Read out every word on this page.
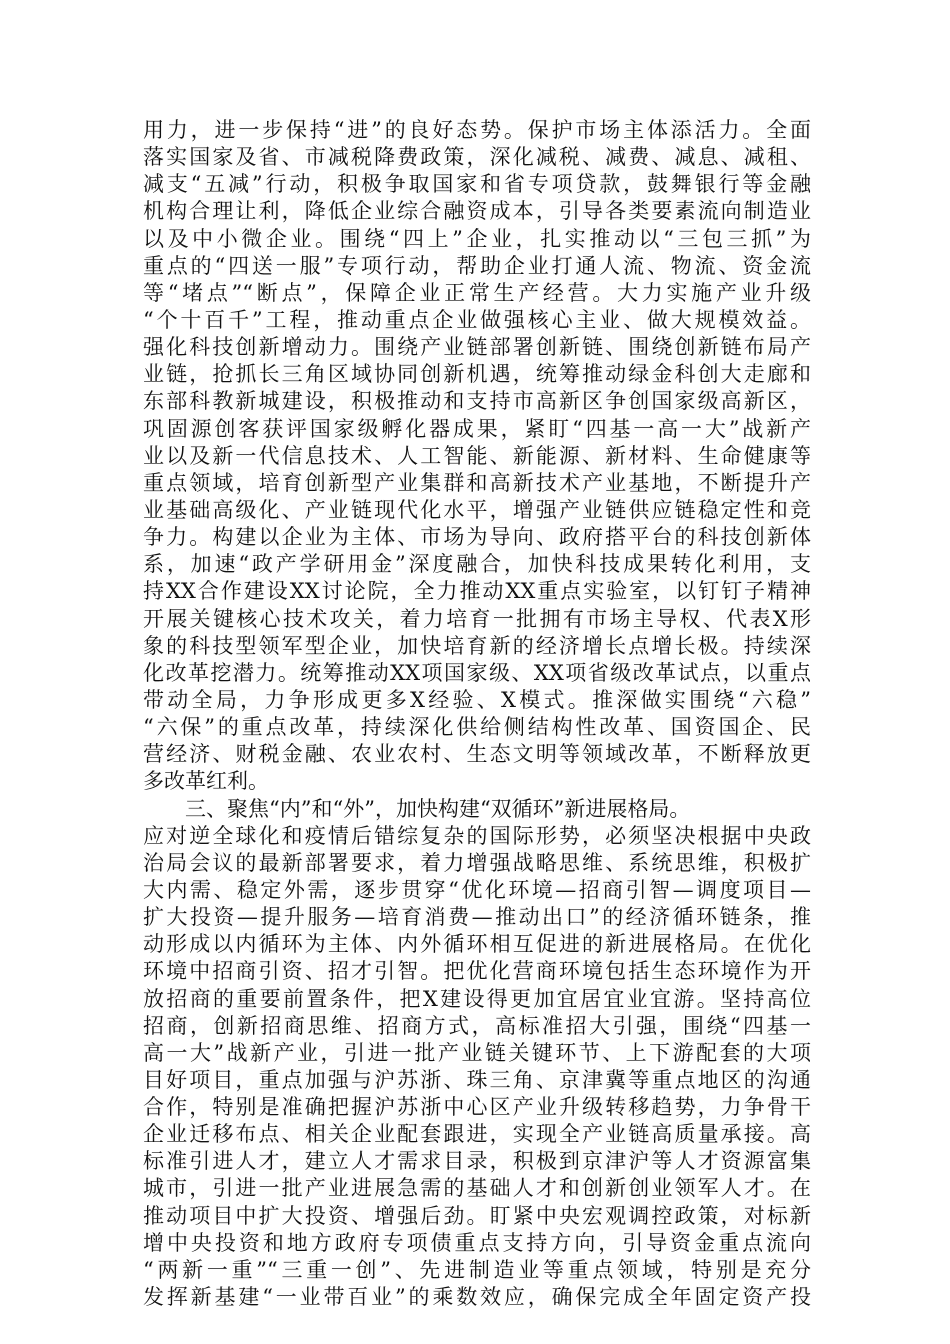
用力，进一步保持“进”的良好态势。保护市场主体添活力。全面
落实国家及省、市减税降费政策，深化减税、减费、减息、减租、
减支“五减”行动，积极争取国家和省专项贷款，鼓舞银行等金融
机构合理让利，降低企业综合融资成本，引导各类要素流向制造业
以及中小微企业。围绕“四上”企业，扎实推动以“三包三抓”为
重点的“四送一服”专项行动，帮助企业打通人流、物流、资金流
等“堵点”“断点”，保障企业正常生产经营。大力实施产业升级
“个十百千”工程，推动重点企业做强核心主业、做大规模效益。
强化科技创新增动力。围绕产业链部署创新链、围绕创新链布局产
业链，抢抓长三角区域协同创新机遇，统筹推动绿金科创大走廊和
东部科教新城建设，积极推动和支持市高新区争创国家级高新区，
巩固源创客获评国家级孵化器成果，紧盯“四基一高一大”战新产
业以及新一代信息技术、人工智能、新能源、新材料、生命健康等
重点领域，培育创新型产业集群和高新技术产业基地，不断提升产
业基础高级化、产业链现代化水平，增强产业链供应链稳定性和竞
争力。构建以企业为主体、市场为导向、政府搭平台的科技创新体
系，加速“政产学研用金”深度融合，加快科技成果转化利用，支
持XX合作建设XX讨论院，全力推动XX重点实验室，以钉钉子精神
开展关键核心技术攻关，着力培育一批拥有市场主导权、代表X形
象的科技型领军型企业，加快培育新的经济增长点增长极。持续深
化改革挖潜力。统筹推动XX项国家级、XX项省级改革试点，以重点
带动全局，力争形成更多X经验、X模式。推深做实围绕“六稳”
“六保”的重点改革，持续深化供给侧结构性改革、国资国企、民
营经济、财税金融、农业农村、生态文明等领域改革，不断释放更
多改革红利。
　　三、聚焦“内”和“外”，加快构建“双循环”新进展格局。
应对逆全球化和疫情后错综复杂的国际形势，必须坚决根据中央政
治局会议的最新部署要求，着力增强战略思维、系统思维，积极扩
大内需、稳定外需，逐步贯穿“优化环境—招商引智—调度项目—
扩大投资—提升服务—培育消费—推动出口”的经济循环链条，推
动形成以内循环为主体、内外循环相互促进的新进展格局。在优化
环境中招商引资、招才引智。把优化营商环境包括生态环境作为开
放招商的重要前置条件，把X建设得更加宜居宜业宜游。坚持高位
招商，创新招商思维、招商方式，高标准招大引强，围绕“四基一
高一大”战新产业，引进一批产业链关键环节、上下游配套的大项
目好项目，重点加强与沪苏浙、珠三角、京津冀等重点地区的沟通
合作，特别是准确把握沪苏浙中心区产业升级转移趋势，力争骨干
企业迁移布点、相关企业配套跟进，实现全产业链高质量承接。高
标准引进人才，建立人才需求目录，积极到京津沪等人才资源富集
城市，引进一批产业进展急需的基础人才和创新创业领军人才。在
推动项目中扩大投资、增强后劲。盯紧中央宏观调控政策，对标新
增中央投资和地方政府专项债重点支持方向，引导资金重点流向
“两新一重”“三重一创”、先进制造业等重点领域，特别是充分
发挥新基建“一业带百业”的乘数效应，确保完成全年固定资产投
